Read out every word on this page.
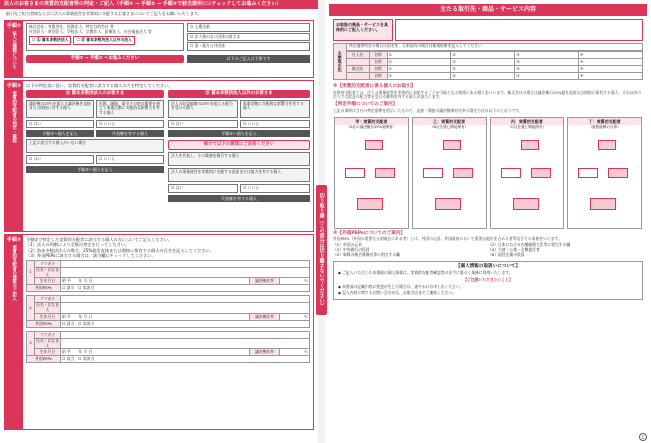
法人のお客さまの実質的支配者等の判定・ご記入（手順① → 手順② → 手順③で該当箇所に☑チェックしてお進みください）
取引先ご担当者様ならびに法人の事業経営を実質的に支配するお客さまについてご記入をお願いいたします。
手順①
法人の種類について
株式会社、有限会社、投資法人、特定目的会社 等
社団法人・財団法人、学校法人、宗教法人、医療法人、社会福祉法人 等
☐ Ⓐ 資本多数決法人	☐ Ⓑ 資本多数決法人以外の法人
☐ 上場企業
☐ 法人格のない団体の皆さま
☐ 国・地方公共団体
手順② → 手順③ へお進みください	以下のご記入は不要です
手順②
実質的支配者の判定・確認
以下の判定表に従い、実質的支配者に該当する個人の方を特定してください。
Ⓐ 資本多数決法人のお客さま
議決権の25％を超える議決権を直接または間接に有する個人
出資、融資、取引その他の関係を通じて事業活動に支配的な影響力を有する個人
☐ はい	☐ いいえ
手順③へ個人を記入	代表権を有する個人
上記に該当する個人がいない場合
☐ はい	☐ いいえ
手順③へ個人を記入
Ⓑ 資本多数決法人以外のお客さま
法人の収益総額の25％を超える配当を受ける個人
事業活動に支配的な影響力を有する個人
☐ はい	☐ いいえ
手順③へ個人を記入
続けて以下の質問にご回答ください
法人を代表し、その業務を執行する個人
法人の事業経営を実質的に支配する意思または能力を有する個人
☐ はい	☐ いいえ
代表権を有する個人
手順③
実質的支配者の情報のご記入
手順②で特定した実質的支配者に該当する個人の方についてご記入ください。
（1）法人の判断により全数の判定を行ってください。
（2）資本多数決法人の場合、25%超を直接または間接に保有する個人の氏名を記入してください。
（3）外国PEPsに該当する場合は、該当欄にチェックしてください。
1	フリガナ			
	氏名・おなまえ			
	生年月日	昭 平　　年 月 日	議決権比率	％
外国PEPs		☐ 該当　☐ 非該当		
2	フリガナ			
	氏名・おなまえ			
	生年月日	昭 平　　年 月 日	議決権比率	％
外国PEPs		☐ 該当　☐ 非該当		
3	フリガナ			
	氏名・おなまえ			
	生年月日	昭 平　　年 月 日	議決権比率	％
外国PEPs		☐ 該当　☐ 非該当		
切り取り線（この部分は切り離さないでください）
主たる取引先・商品・サービス内容
お取扱の商品・サービスを具体的にご記入ください。
主要取引先
所在地等所在の場合は国名を、日本国内の場合は都道府県を記入してください
仕入先	名称	①	②	③	④
	名称	①	②	③	④
販売先	名称	①	②	③	④
	名称	①	②	③	④
※【実質的支配者に係る個人のお取引】
実質的支配者とは、法人の事業経営を実質的に支配することが可能となる関係にある個人をいいます。株式会社の場合は議決権の25%超を直接又は間接に保有する個人、それ以外の法人では収益の配当等を受ける権利を有する個人が該当します。
【判定手順についてのご案内】
上記の事例は当社の判定基準を図示したもので、直接・間接の議決権保有比率の算定方法は以下のとおりです。
甲：実質的支配者
（A社の議決権を25%超保有）
乙：実質的支配者
（B社を通じ間接保有）
丙：実質的支配者
（C社を通じ間接保有）
丁：実質的支配者
（複数経路の合算）
※【外国PEPsについてのご案内】
外国PEPs（外国の重要な公的地位にある者）とは、外国の元首、外国政府において重要な地位を占める者等及びその家族をいいます。
（1）外国の元首	（2）日本における内閣総理大臣等に相当する職
（3）中央銀行の役員	（4）大使・公使・全権委任者
（5）軍隊の統合幕僚長等に相当する職	（6）国営企業の役員
【個人情報の取扱いについて】
◆ ご記入いただいた本書面の個人情報は、実質的支配者確認等の法令に基づく業務に利用いたします。
【ご注意いただきたいこと】
◆ 本書面の記載内容に変更が生じた場合は、速やかにお申し出ください。
◆ 記入内容に関するお問い合わせは、お取引店までご連絡ください。
C
